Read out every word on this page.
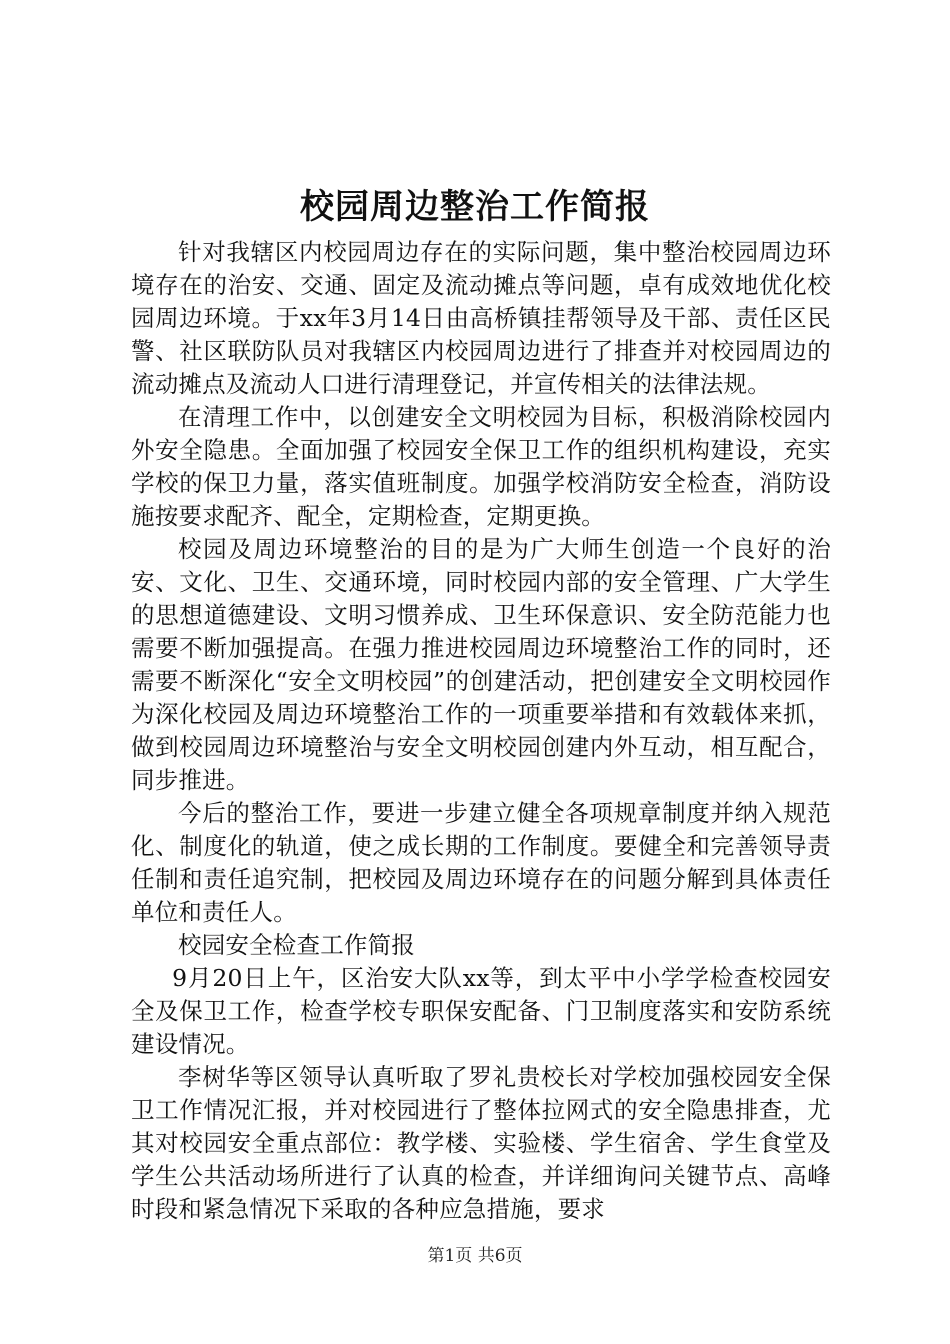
校园周边整治工作简报

针对我辖区内校园周边存在的实际问题，集中整治校园周边环境存在的治安、交通、固定及流动摊点等问题，卓有成效地优化校园周边环境。于xx年3月14日由高桥镇挂帮领导及干部、责任区民警、社区联防队员对我辖区内校园周边进行了排查并对校园周边的流动摊点及流动人口进行清理登记，并宣传相关的法律法规。

在清理工作中，以创建安全文明校园为目标，积极消除校园内外安全隐患。全面加强了校园安全保卫工作的组织机构建设，充实学校的保卫力量，落实值班制度。加强学校消防安全检查，消防设施按要求配齐、配全，定期检查，定期更换。

校园及周边环境整治的目的是为广大师生创造一个良好的治安、文化、卫生、交通环境，同时校园内部的安全管理、广大学生的思想道德建设、文明习惯养成、卫生环保意识、安全防范能力也需要不断加强提高。在强力推进校园周边环境整治工作的同时，还需要不断深化“安全文明校园”的创建活动，把创建安全文明校园作为深化校园及周边环境整治工作的一项重要举措和有效载体来抓，做到校园周边环境整治与安全文明校园创建内外互动，相互配合，同步推进。

今后的整治工作，要进一步建立健全各项规章制度并纳入规范化、制度化的轨道，使之成长期的工作制度。要健全和完善领导责任制和责任追究制，把校园及周边环境存在的问题分解到具体责任单位和责任人。

校园安全检查工作简报

9月20日上午，区治安大队xx等，到太平中小学学检查校园安全及保卫工作，检查学校专职保安配备、门卫制度落实和安防系统建设情况。

李树华等区领导认真听取了罗礼贵校长对学校加强校园安全保卫工作情况汇报，并对校园进行了整体拉网式的安全隐患排查，尤其对校园安全重点部位：教学楼、实验楼、学生宿舍、学生食堂及学生公共活动场所进行了认真的检查，并详细询问关键节点、高峰时段和紧急情况下采取的各种应急措施，要求

第1页 共6页
